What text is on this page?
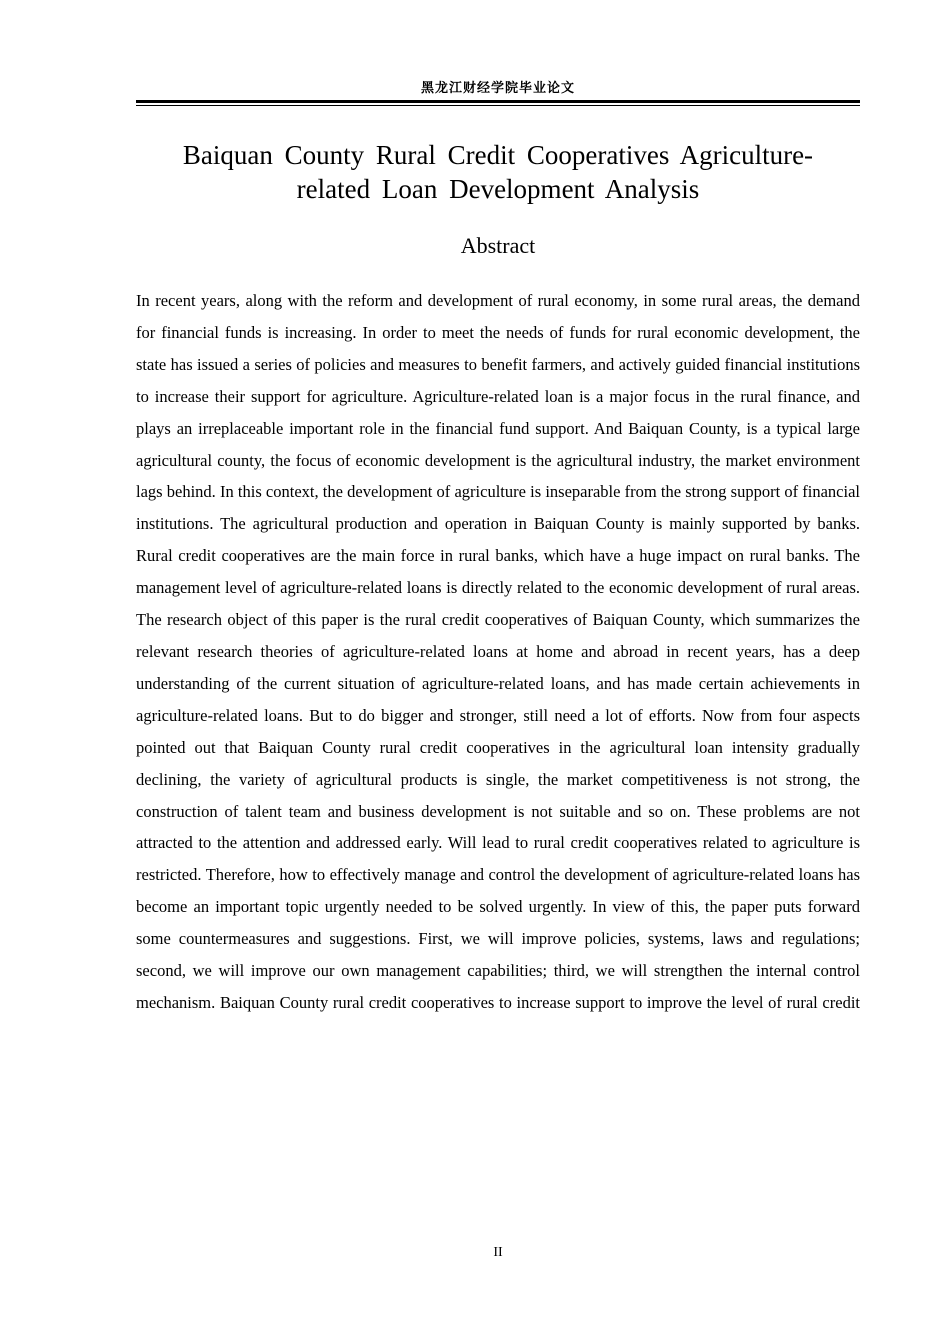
黑龙江财经学院毕业论文
Baiquan County Rural Credit Cooperatives Agriculture-
related Loan Development Analysis
Abstract

In recent years, along with the reform and development of rural economy, in some rural areas, the demand for financial funds is increasing. In order to meet the needs of funds for rural economic development, the state has issued a series of policies and measures to benefit farmers, and actively guided financial institutions to increase their support for agriculture. Agriculture-related loan is a major focus in the rural finance, and plays an irreplaceable important role in the financial fund support. And Baiquan County, is a typical large agricultural county, the focus of economic development is the agricultural industry, the market environment lags behind. In this context, the development of agriculture is inseparable from the strong support of financial institutions. The agricultural production and operation in Baiquan County is mainly supported by banks. Rural credit cooperatives are the main force in rural banks, which have a huge impact on rural banks. The management level of agriculture-related loans is directly related to the economic development of rural areas. The research object of this paper is the rural credit cooperatives of Baiquan County, which summarizes the relevant research theories of agriculture-related loans at home and abroad in recent years, has a deep understanding of the current situation of agriculture-related loans, and has made certain achievements in agriculture-related loans. But to do bigger and stronger, still need a lot of efforts. Now from four aspects pointed out that Baiquan County rural credit cooperatives in the agricultural loan intensity gradually declining, the variety of agricultural products is single, the market competitiveness is not strong, the construction of talent team and business development is not suitable and so on. These problems are not attracted to the attention and addressed early. Will lead to rural credit cooperatives related to agriculture is restricted. Therefore, how to effectively manage and control the development of agriculture-related loans has become an important topic urgently needed to be solved urgently. In view of this, the paper puts forward some countermeasures and suggestions. First, we will improve policies, systems, laws and regulations; second, we will improve our own management capabilities; third, we will strengthen the internal control mechanism. Baiquan County rural credit cooperatives to increase support to improve the level of rural credit

II
